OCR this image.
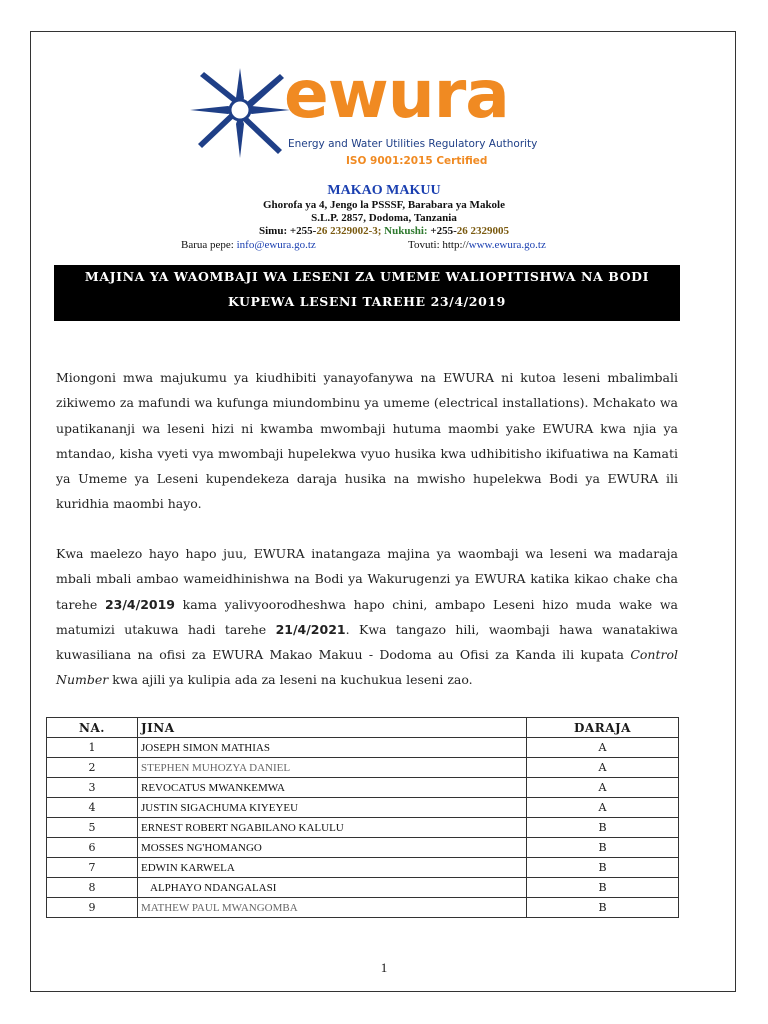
ewura
Energy and Water Utilities Regulatory Authority
ISO 9001:2015 Certified
MAKAO MAKUU
Ghorofa ya 4, Jengo la PSSSF, Barabara ya Makole
S.L.P. 2857, Dodoma, Tanzania
Simu: +255-26 2329002-3; Nukushi: +255-26 2329005
Barua pepe: info@ewura.go.tz	Tovuti: http://www.ewura.go.tz
MAJINA YA WAOMBAJI WA LESENI ZA UMEME WALIOPITISHWA NA BODI
KUPEWA LESENI TAREHE 23/4/2019
Miongoni mwa majukumu ya kiudhibiti yanayofanywa na EWURA ni kutoa leseni mbalimbali zikiwemo za mafundi wa kufunga miundombinu ya umeme (electrical installations). Mchakato wa upatikananji wa leseni hizi ni kwamba mwombaji hutuma maombi yake EWURA kwa njia ya mtandao, kisha vyeti vya mwombaji hupelekwa vyuo husika kwa udhibitisho ikifuatiwa na Kamati ya Umeme ya Leseni kupendekeza daraja husika na mwisho hupelekwa Bodi ya EWURA ili kuridhia maombi hayo.
Kwa maelezo hayo hapo juu, EWURA inatangaza majina ya waombaji wa leseni wa madaraja mbali mbali ambao wameidhinishwa na Bodi ya Wakurugenzi ya EWURA katika kikao chake cha tarehe 23/4/2019 kama yalivyoorodheshwa hapo chini, ambapo Leseni hizo muda wake wa matumizi utakuwa hadi tarehe 21/4/2021. Kwa tangazo hili, waombaji hawa wanatakiwa kuwasiliana na ofisi za EWURA Makao Makuu - Dodoma au Ofisi za Kanda ili kupata Control Number kwa ajili ya kulipia ada za leseni na kuchukua leseni zao.
NA.	JINA	DARAJA
1	JOSEPH SIMON MATHIAS	A
2	STEPHEN MUHOZYA DANIEL	A
3	REVOCATUS MWANKEMWA	A
4	JUSTIN SIGACHUMA KIYEYEU	A
5	ERNEST ROBERT NGABILANO KALULU	B
6	MOSSES NG'HOMANGO	B
7	EDWIN KARWELA	B
8	ALPHAYO NDANGALASI	B
9	MATHEW PAUL MWANGOMBA	B
1
